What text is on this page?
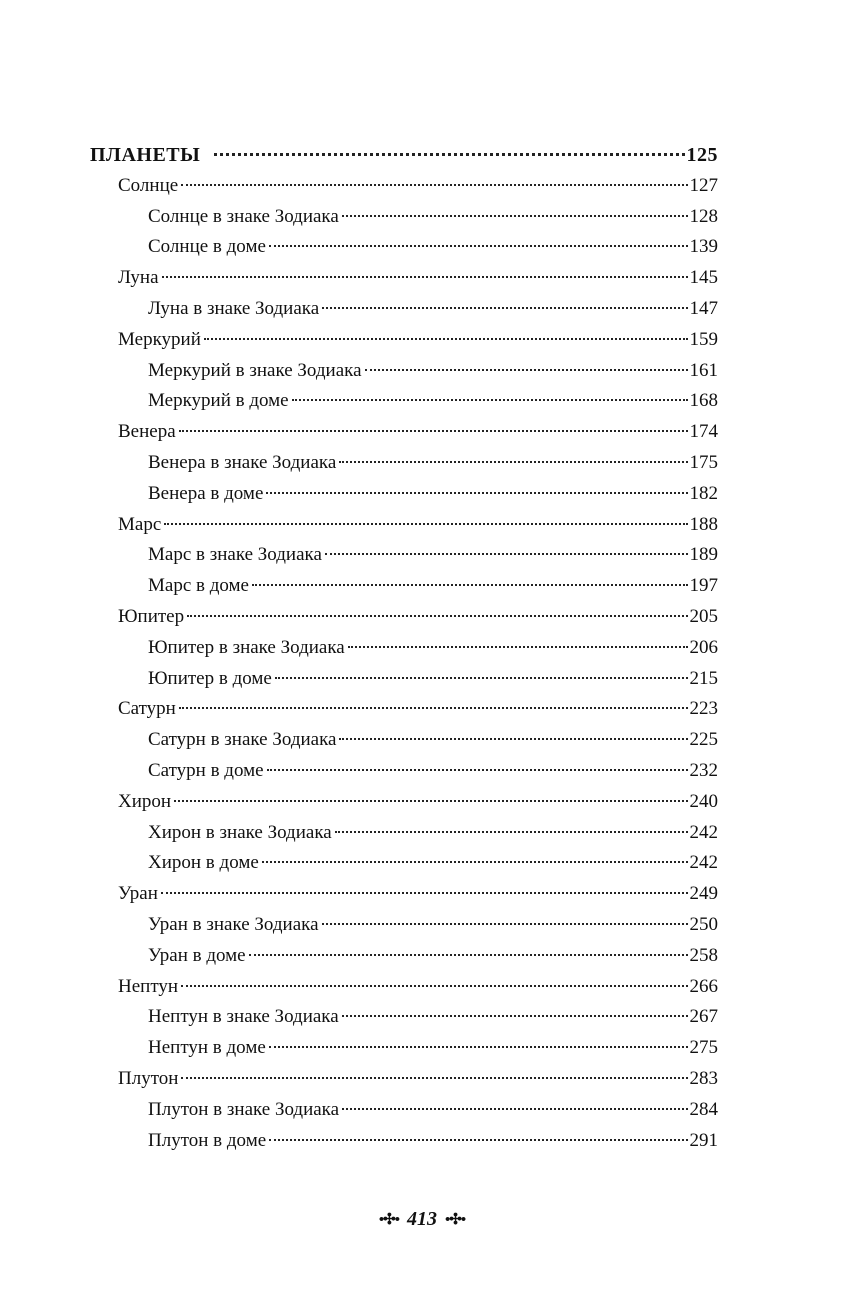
ПЛАНЕТЫ	125
Солнце	127
Солнце в знаке Зодиака	128
Солнце в доме	139
Луна	145
Луна в знаке Зодиака	147
Меркурий	159
Меркурий в знаке Зодиака	161
Меркурий в доме	168
Венера	174
Венера в знаке Зодиака	175
Венера в доме	182
Марс	188
Марс в знаке Зодиака	189
Марс в доме	197
Юпитер	205
Юпитер в знаке Зодиака	206
Юпитер в доме	215
Сатурн	223
Сатурн в знаке Зодиака	225
Сатурн в доме	232
Хирон	240
Хирон в знаке Зодиака	242
Хирон в доме	242
Уран	249
Уран в знаке Зодиака	250
Уран в доме	258
Нептун	266
Нептун в знаке Зодиака	267
Нептун в доме	275
Плутон	283
Плутон в знаке Зодиака	284
Плутон в доме	291
•✣• 413 •✣•
